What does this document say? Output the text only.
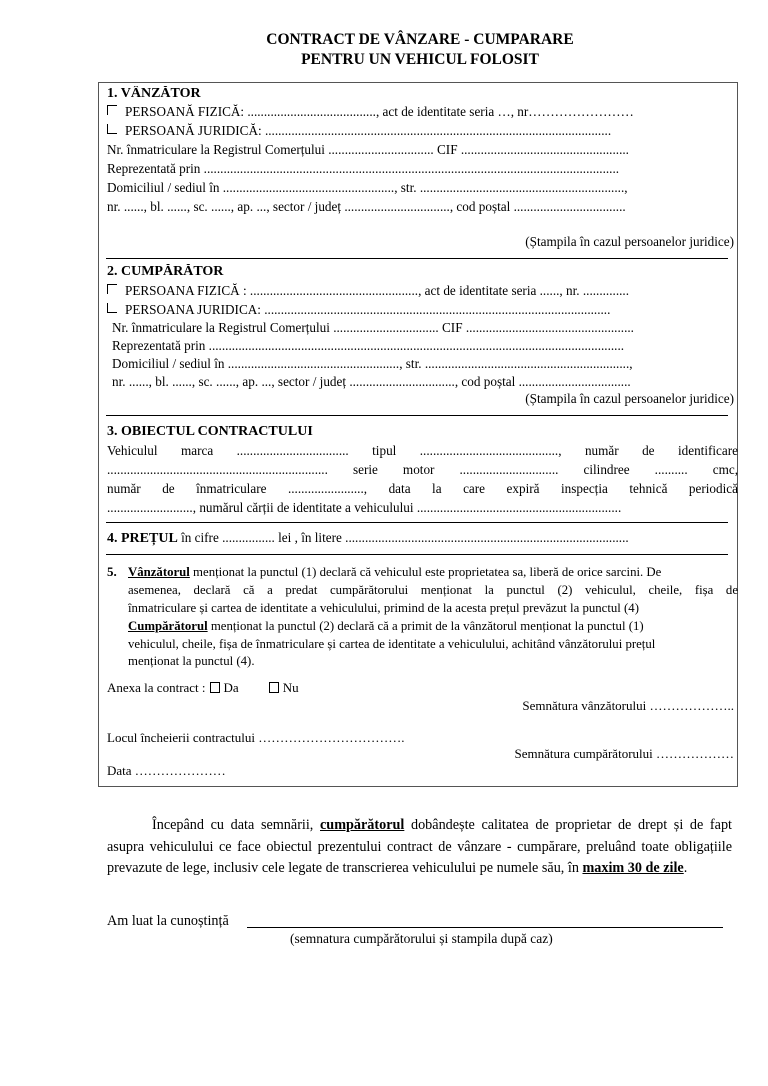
CONTRACT DE VÂNZARE - CUMPARARE
PENTRU UN VEHICUL FOLOSIT
1. VÂNZĂTOR
PERSOANĂ FIZICĂ: ......................................., act de identitate seria …, nr……………………
PERSOANĂ JURIDICĂ: .........................................................................................................
Nr. înmatriculare la Registrul Comerțului ................................ CIF ...................................................
Reprezentată prin ..............................................................................................................................
Domiciliul / sediul în ...................................................., str. ..............................................................,
nr. ......, bl. ......, sc. ......, ap. ..., sector / județ ................................, cod poștal ..................................
(Ștampila în cazul persoanelor juridice)
2. CUMPĂRĂTOR
PERSOANA FIZICĂ : ..................................................., act de identitate seria ......, nr. ..............
PERSOANA JURIDICA: .........................................................................................................
Nr. înmatriculare la Registrul Comerțului ................................ CIF ...................................................
Reprezentată prin ..............................................................................................................................
Domiciliul / sediul în ...................................................., str. ..............................................................,
nr. ......, bl. ......, sc. ......, ap. ..., sector / județ ................................, cod poștal ..................................
(Ștampila în cazul persoanelor juridice)
3. OBIECTUL CONTRACTULUI
Vehiculul marca .................................. tipul .........................................., număr de identificare
................................................................... serie motor .............................. cilindree .......... cmc,
număr de înmatriculare ......................., data la care expiră inspecția tehnică periodică
.........................., numărul cărții de identitate a vehiculului ..............................................................
4. PREȚUL în cifre ................ lei , în litere ......................................................................................
5. Vânzătorul menționat la punctul (1) declară că vehiculul este proprietatea sa, liberă de orice sarcini. De
asemenea, declară că a predat cumpărătorului menționat la punctul (2) vehiculul, cheile, fișa de
înmatriculare și cartea de identitate a vehiculului, primind de la acesta prețul prevăzut la punctul (4)
Cumpărătorul menționat la punctul (2) declară că a primit de la vânzătorul menționat la punctul (1)
vehiculul, cheile, fișa de înmatriculare și cartea de identitate a vehiculului, achitând vânzătorului prețul
menționat la punctul (4).
Anexa la contract : Da	Nu
Semnătura vânzătorului ………………..
Locul încheierii contractului …………………………….
Semnătura cumpărătorului ………………
Data …………………
Începând cu data semnării, cumpărătorul dobândește calitatea de proprietar de drept și de fapt asupra vehiculului ce face obiectul prezentului contract de vânzare - cumpărare, preluând toate obligațiile prevazute de lege, inclusiv cele legate de transcrierea vehiculului pe numele său, în maxim 30 de zile.
Am luat la cunoștință
(semnatura cumpărătorului și stampila după caz)
